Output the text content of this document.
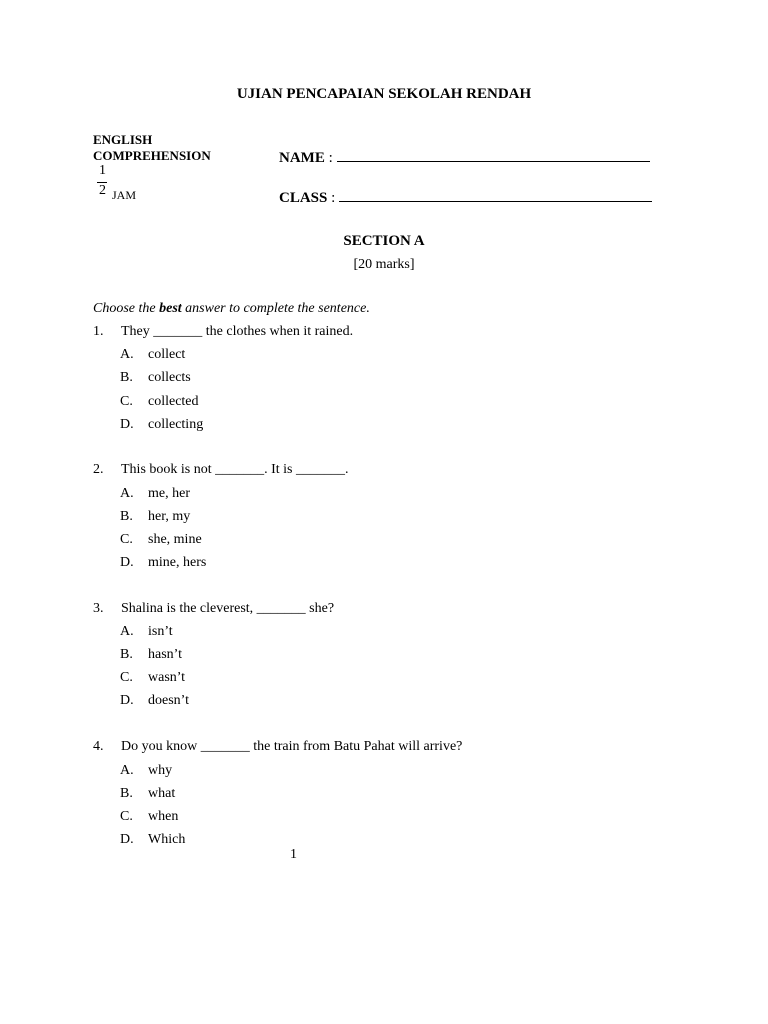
UJIAN PENCAPAIAN SEKOLAH RENDAH
ENGLISH
COMPREHENSION
1
2 JAM
NAME :
CLASS :
SECTION A
[20 marks]
Choose the best answer to complete the sentence.
1. They _______ the clothes when it rained.
A. collect
B. collects
C. collected
D. collecting
2. This book is not _______. It is _______.
A. me, her
B. her, my
C. she, mine
D. mine, hers
3. Shalina is the cleverest, _______ she?
A. isn’t
B. hasn’t
C. wasn’t
D. doesn’t
4. Do you know _______ the train from Batu Pahat will arrive?
A. why
B. what
C. when
D. Which
1
